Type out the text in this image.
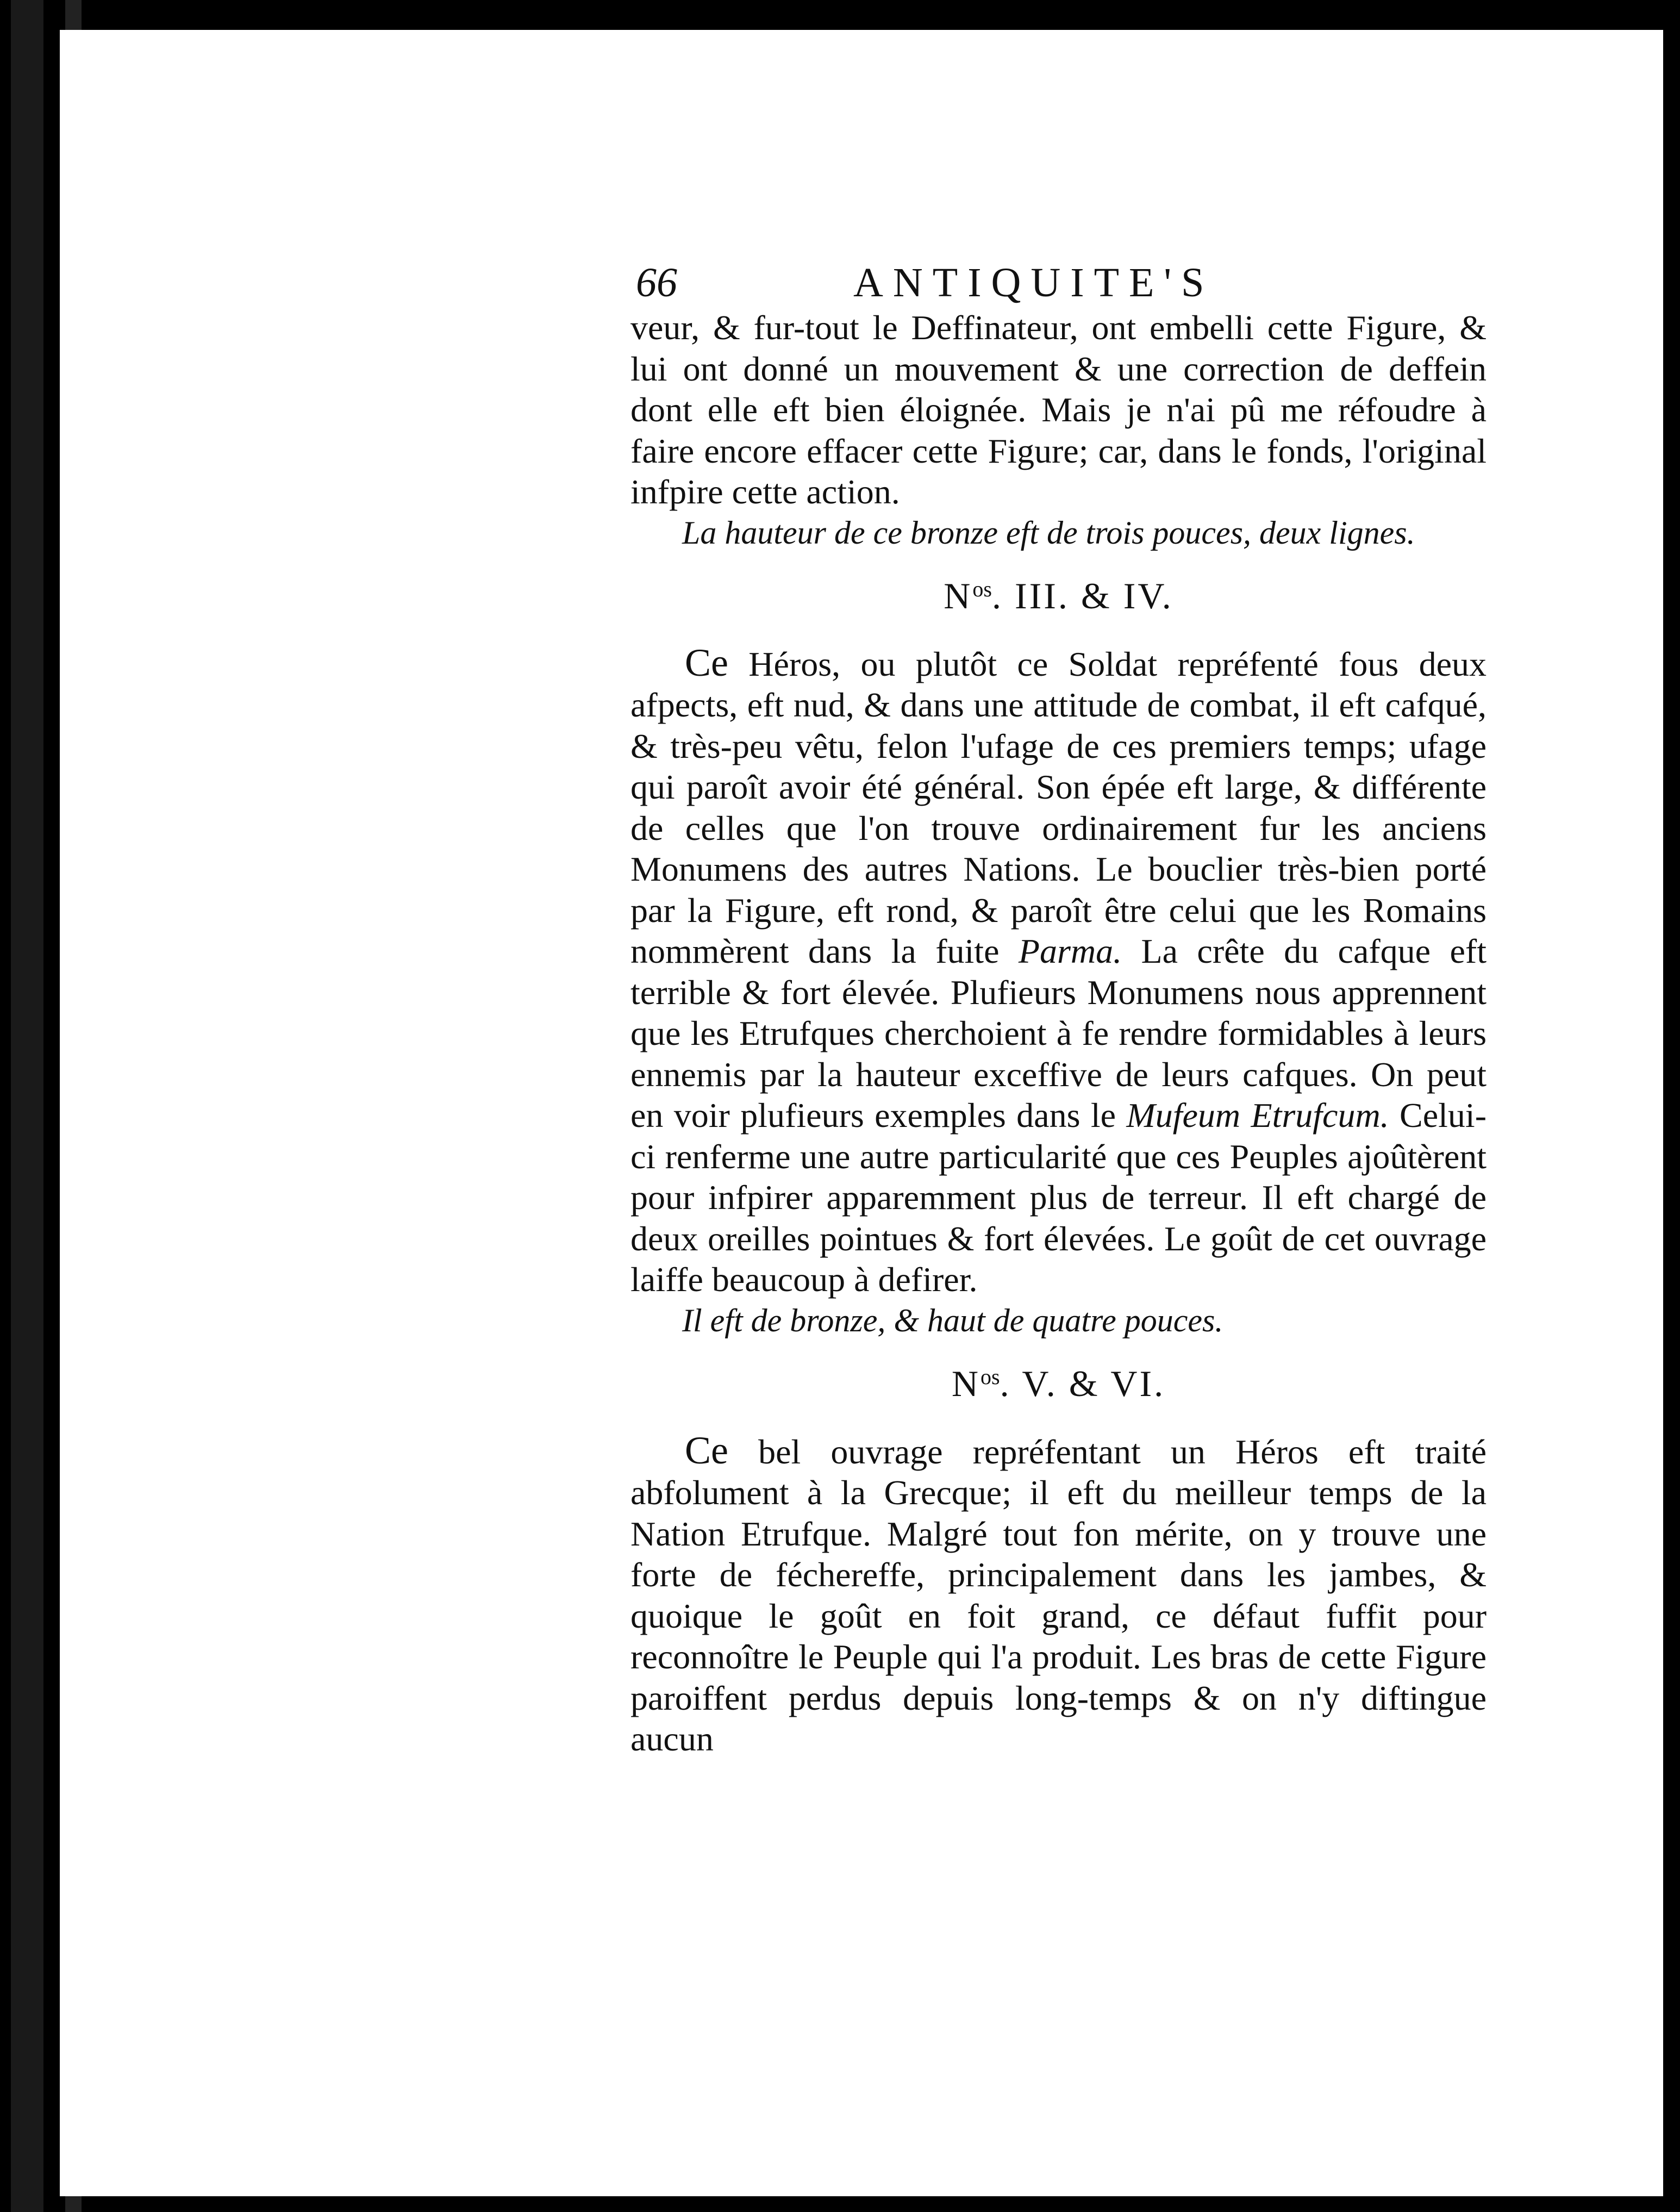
66	ANTIQUITE'S

veur, & fur-tout le Deffinateur, ont embelli cette Figure, & lui ont donné un mouvement & une correction de deffein dont elle eft bien éloignée. Mais je n'ai pû me réfoudre à faire encore effacer cette Figure; car, dans le fonds, l'original infpire cette action.

La hauteur de ce bronze eft de trois pouces, deux lignes.

$N^{os}$. III. & IV.

Ce Héros, ou plutôt ce Soldat repréfenté fous deux afpects, eft nud, & dans une attitude de combat, il eft cafqué, & très-peu vêtu, felon l'ufage de ces premiers temps; ufage qui paroît avoir été général. Son épée eft large, & différente de celles que l'on trouve ordinairement fur les anciens Monumens des autres Nations. Le bouclier très-bien porté par la Figure, eft rond, & paroît être celui que les Romains nommèrent dans la fuite Parma. La crête du cafque eft terrible & fort élevée. Plufieurs Monumens nous apprennent que les Etrufques cherchoient à fe rendre formidables à leurs ennemis par la hauteur exceffive de leurs cafques. On peut en voir plufieurs exemples dans le Mufeum Etrufcum. Celui-ci renferme une autre particularité que ces Peuples ajoûtèrent pour infpirer apparemment plus de terreur. Il eft chargé de deux oreilles pointues & fort élevées. Le goût de cet ouvrage laiffe beaucoup à defirer.

Il eft de bronze, & haut de quatre pouces.

$N^{os}$. V. & VI.

Ce bel ouvrage repréfentant un Héros eft traité abfolument à la Grecque; il eft du meilleur temps de la Nation Etrufque. Malgré tout fon mérite, on y trouve une forte de féchereffe, principalement dans les jambes, & quoique le goût en foit grand, ce défaut fuffit pour reconnoître le Peuple qui l'a produit. Les bras de cette Figure paroiffent perdus depuis long-temps & on n'y diftingue aucun
